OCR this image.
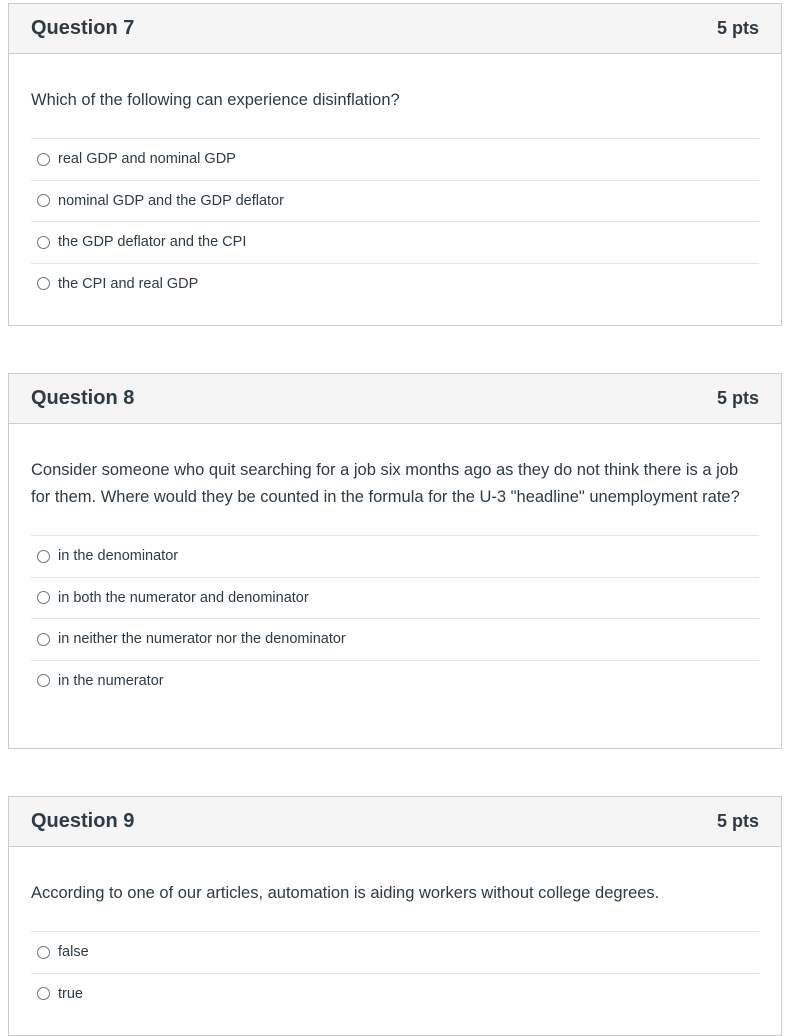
Question 7	5 pts

Which of the following can experience disinflation?

real GDP and nominal GDP
nominal GDP and the GDP deflator
the GDP deflator and the CPI
the CPI and real GDP
Question 8	5 pts

Consider someone who quit searching for a job six months ago as they do not think there is a job for them. Where would they be counted in the formula for the U-3 "headline" unemployment rate?

in the denominator
in both the numerator and denominator
in neither the numerator nor the denominator
in the numerator
Question 9	5 pts

According to one of our articles, automation is aiding workers without college degrees.

false
true
